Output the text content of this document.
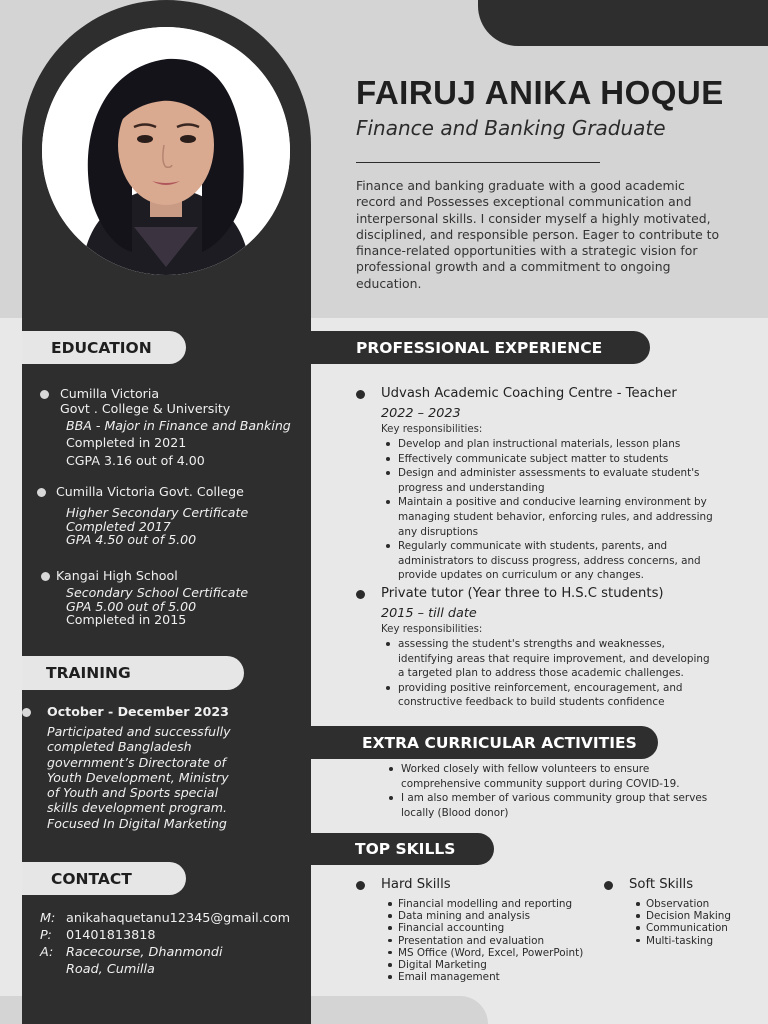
FAIRUJ ANIKA HOQUE
Finance and Banking Graduate
Finance and banking graduate with a good academic record and Possesses exceptional communication and interpersonal skills. I consider myself a highly motivated, disciplined, and responsible person. Eager to contribute to finance-related opportunities with a strategic vision for professional growth and a commitment to ongoing education.
EDUCATION
Cumilla Victoria
Govt . College & University
BBA - Major in Finance and Banking
Completed in 2021
CGPA 3.16 out of 4.00
Cumilla Victoria Govt. College
Higher Secondary Certificate
Completed 2017
GPA 4.50 out of 5.00
Kangai High School
Secondary School Certificate
GPA 5.00 out of 5.00
Completed in 2015
TRAINING
October - December 2023
Participated and successfully
completed Bangladesh
government’s Directorate of
Youth Development, Ministry
of Youth and Sports special
skills development program.
Focused In Digital Marketing
CONTACT
M: anikahaquetanu12345@gmail.com
P:	01401813818
A: Racecourse, Dhanmondi
Road, Cumilla
PROFESSIONAL EXPERIENCE
Udvash Academic Coaching Centre - Teacher
2022 – 2023
Key responsibilities:
Develop and plan instructional materials, lesson plans
Effectively communicate subject matter to students
Design and administer assessments to evaluate student's
progress and understanding
Maintain a positive and conducive learning environment by
managing student behavior, enforcing rules, and addressing
any disruptions
Regularly communicate with students, parents, and
administrators to discuss progress, address concerns, and
provide updates on curriculum or any changes.
Private tutor (Year three to H.S.C students)
2015 – till date
Key responsibilities:
assessing the student's strengths and weaknesses,
identifying areas that require improvement, and developing
a targeted plan to address those academic challenges.
providing positive reinforcement, encouragement, and
constructive feedback to build students confidence
EXTRA CURRICULAR ACTIVITIES
Worked closely with fellow volunteers to ensure
comprehensive community support during COVID-19.
I am also member of various community group that serves
locally (Blood donor)
TOP SKILLS
Hard Skills
Financial modelling and reporting
Data mining and analysis
Financial accounting
Presentation and evaluation
MS Office (Word, Excel, PowerPoint)
Digital Marketing
Email management
Soft Skills
Observation
Decision Making
Communication
Multi-tasking
